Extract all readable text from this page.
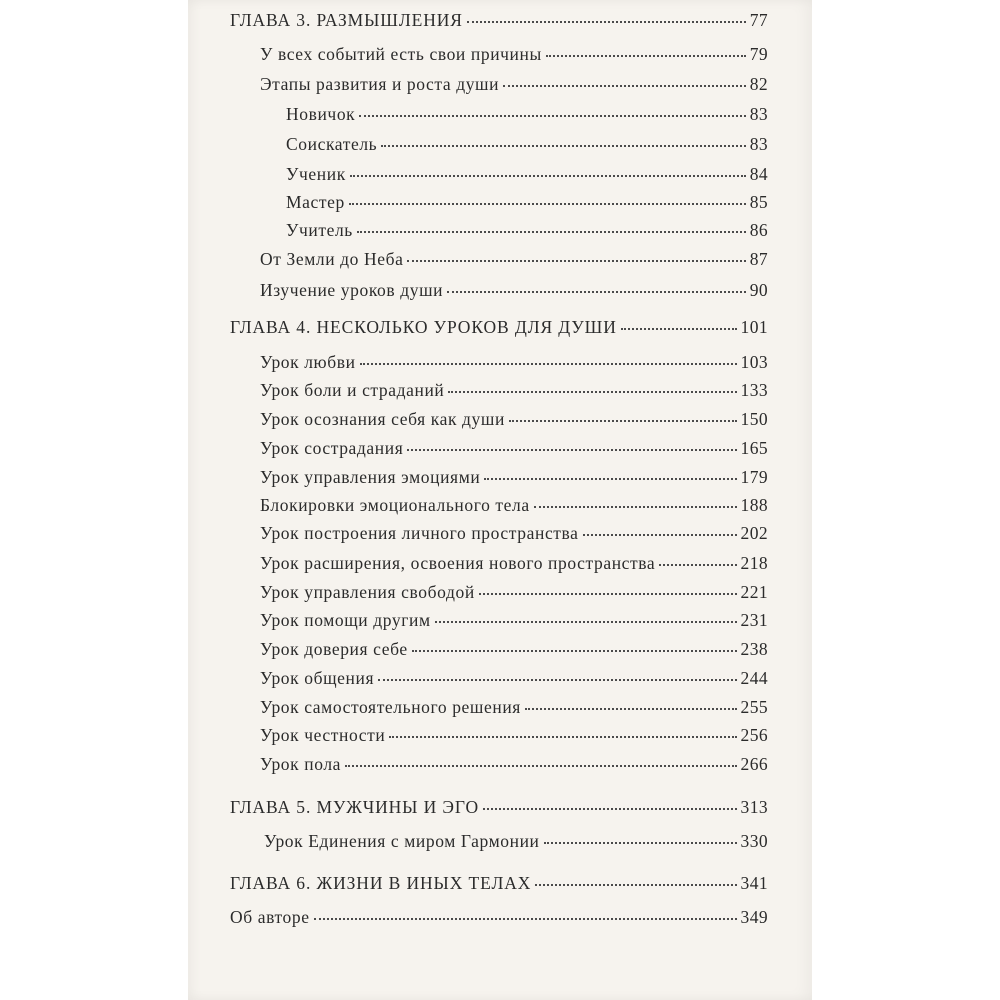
ГЛАВА 3. РАЗМЫШЛЕНИЯ	77
У всех событий есть свои причины	79
Этапы развития и роста души	82
Новичок	83
Соискатель	83
Ученик	84
Мастер	85
Учитель	86
От Земли до Неба	87
Изучение уроков души	90
ГЛАВА 4. НЕСКОЛЬКО УРОКОВ ДЛЯ ДУШИ	101
Урок любви	103
Урок боли и страданий	133
Урок осознания себя как души	150
Урок сострадания	165
Урок управления эмоциями	179
Блокировки эмоционального тела	188
Урок построения личного пространства	202
Урок расширения, освоения нового пространства	218
Урок управления свободой	221
Урок помощи другим	231
Урок доверия себе	238
Урок общения	244
Урок самостоятельного решения	255
Урок честности	256
Урок пола	266
ГЛАВА 5. МУЖЧИНЫ И ЭГО	313
Урок Единения с миром Гармонии	330
ГЛАВА 6. ЖИЗНИ В ИНЫХ ТЕЛАХ	341
Об авторе	349
